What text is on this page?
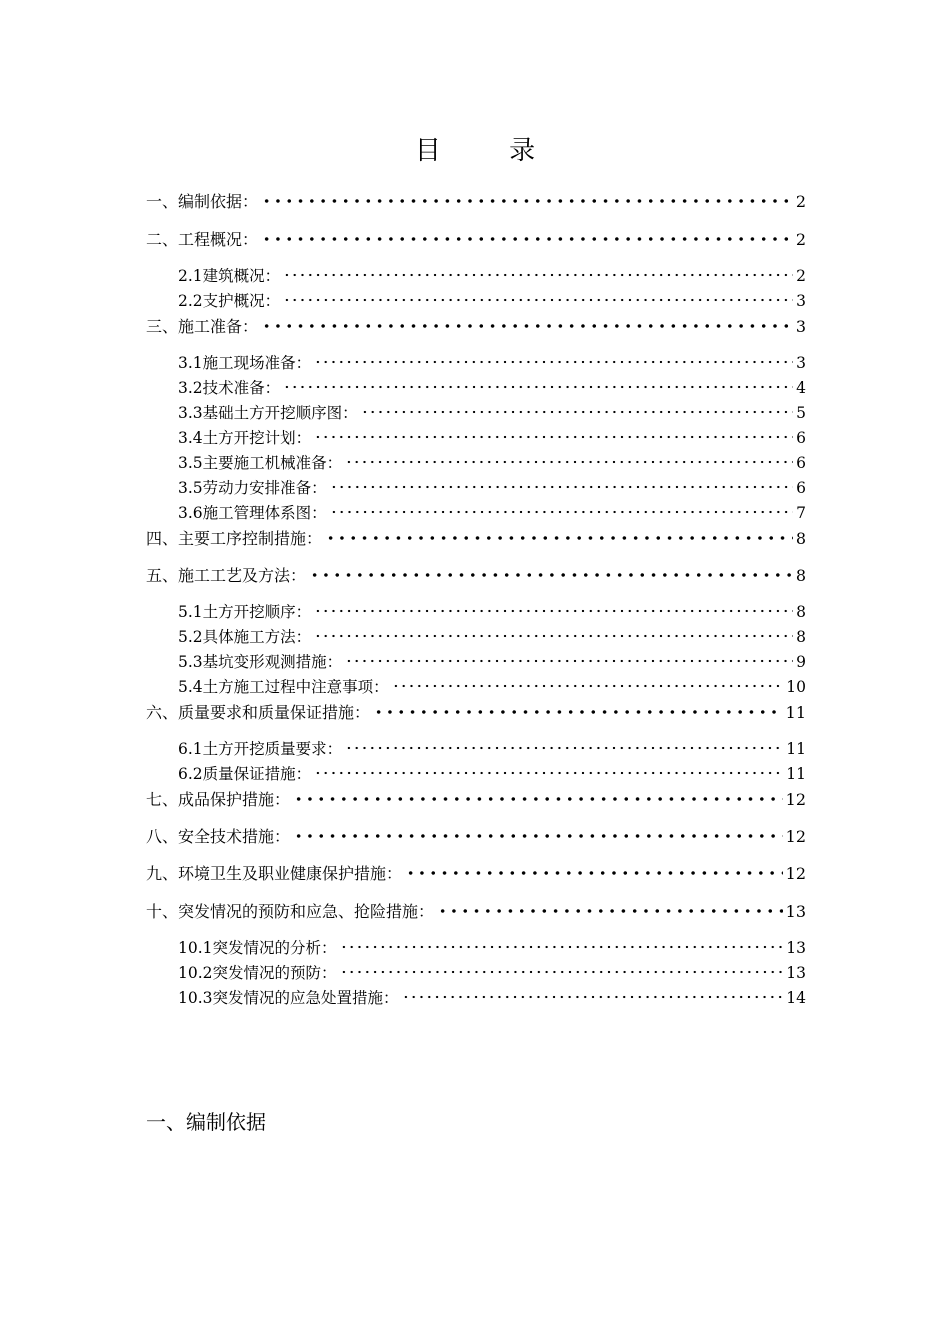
目 录
一、编制依据：	2
二、工程概况：	2
2.1建筑概况：	2
2.2支护概况：	3
三、施工准备：	3
3.1施工现场准备：	3
3.2技术准备：	4
3.3基础土方开挖顺序图：	5
3.4土方开挖计划：	6
3.5主要施工机械准备：	6
3.5劳动力安排准备：	6
3.6施工管理体系图：	7
四、主要工序控制措施：	8
五、施工工艺及方法：	8
5.1土方开挖顺序：	8
5.2具体施工方法：	8
5.3基坑变形观测措施：	9
5.4土方施工过程中注意事项：	10
六、质量要求和质量保证措施：	11
6.1土方开挖质量要求：	11
6.2质量保证措施：	11
七、成品保护措施：	12
八、安全技术措施：	12
九、环境卫生及职业健康保护措施：	12
十、突发情况的预防和应急、抢险措施：	13
10.1突发情况的分析：	13
10.2突发情况的预防：	13
10.3突发情况的应急处置措施：	14
一、编制依据
